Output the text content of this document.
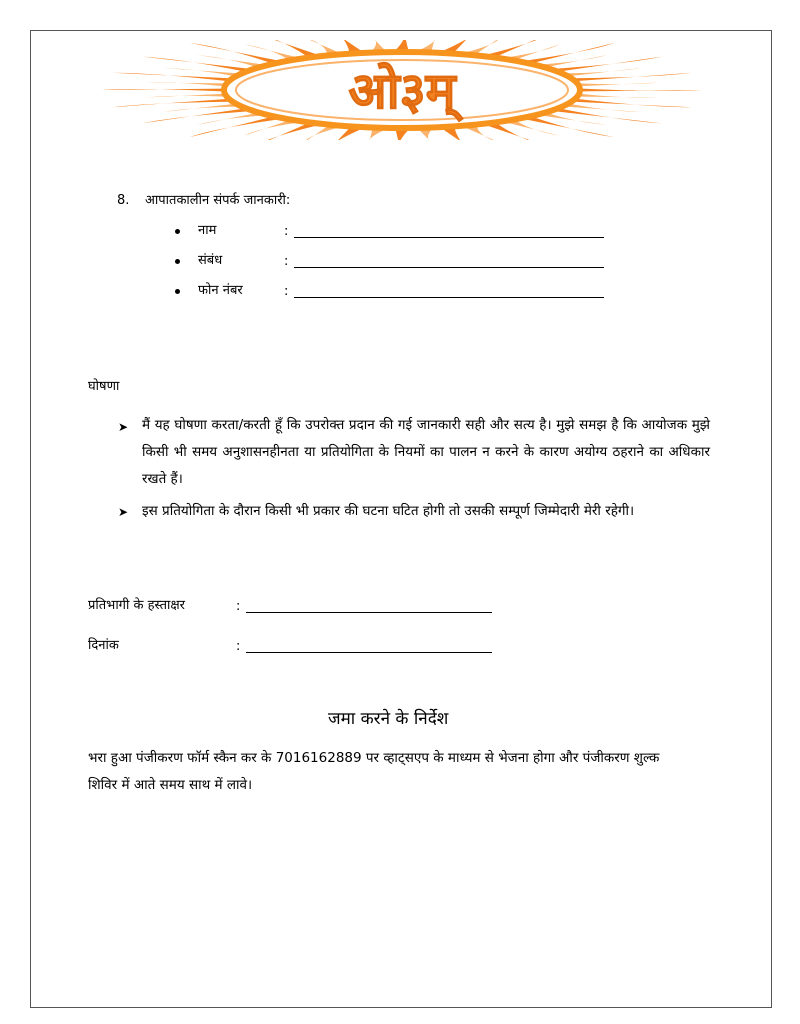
ओ३म्
8. आपातकालीन संपर्क जानकारी:
नाम	:
संबंध	:
फोन नंबर	:
घोषणा
➤ मैं यह घोषणा करता/करती हूँ कि उपरोक्त प्रदान की गई जानकारी सही और सत्य है। मुझे समझ है कि आयोजक मुझे किसी भी समय अनुशासनहीनता या प्रतियोगिता के नियमों का पालन न करने के कारण अयोग्य ठहराने का अधिकार रखते हैं।
➤ इस प्रतियोगिता के दौरान किसी भी प्रकार की घटना घटित होगी तो उसकी सम्पूर्ण जिम्मेदारी मेरी रहेगी।
प्रतिभागी के हस्ताक्षर	:
दिनांक	:
जमा करने के निर्देश
भरा हुआ पंजीकरण फॉर्म स्कैन कर के 7016162889 पर व्हाट्सएप के माध्यम से भेजना होगा और पंजीकरण शुल्क शिविर में आते समय साथ में लावे।
